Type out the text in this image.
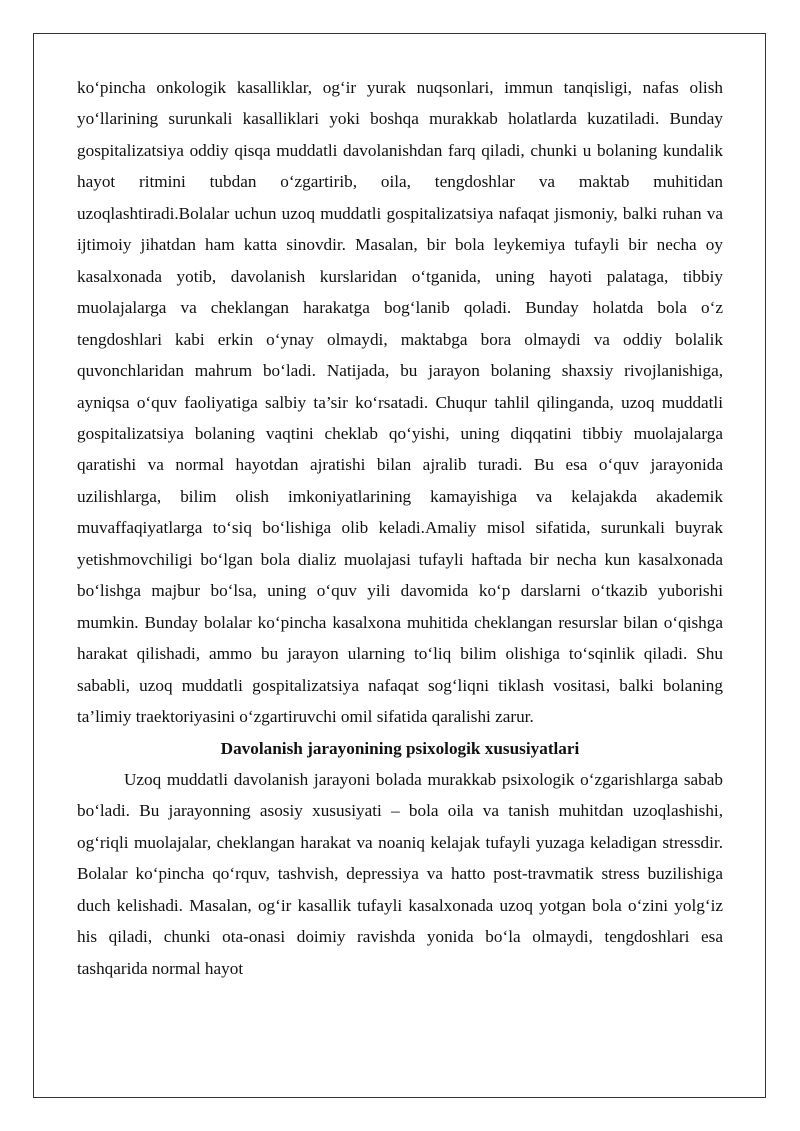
ko‘pincha onkologik kasalliklar, og‘ir yurak nuqsonlari, immun tanqisligi, nafas olish yo‘llarining surunkali kasalliklari yoki boshqa murakkab holatlarda kuzatiladi. Bunday gospitalizatsiya oddiy qisqa muddatli davolanishdan farq qiladi, chunki u bolaning kundalik hayot ritmini tubdan o‘zgartirib, oila, tengdoshlar va maktab muhitidan uzoqlashtiradi.Bolalar uchun uzoq muddatli gospitalizatsiya nafaqat jismoniy, balki ruhan va ijtimoiy jihatdan ham katta sinovdir. Masalan, bir bola leykemiya tufayli bir necha oy kasalxonada yotib, davolanish kurslaridan o‘tganida, uning hayoti palataga, tibbiy muolajalarga va cheklangan harakatga bog‘lanib qoladi. Bunday holatda bola o‘z tengdoshlari kabi erkin o‘ynay olmaydi, maktabga bora olmaydi va oddiy bolalik quvonchlaridan mahrum bo‘ladi. Natijada, bu jarayon bolaning shaxsiy rivojlanishiga, ayniqsa o‘quv faoliyatiga salbiy ta’sir ko‘rsatadi. Chuqur tahlil qilinganda, uzoq muddatli gospitalizatsiya bolaning vaqtini cheklab qo‘yishi, uning diqqatini tibbiy muolajalarga qaratishi va normal hayotdan ajratishi bilan ajralib turadi. Bu esa o‘quv jarayonida uzilishlarga, bilim olish imkoniyatlarining kamayishiga va kelajakda akademik muvaffaqiyatlarga to‘siq bo‘lishiga olib keladi.Amaliy misol sifatida, surunkali buyrak yetishmovchiligi bo‘lgan bola dializ muolajasi tufayli haftada bir necha kun kasalxonada bo‘lishga majbur bo‘lsa, uning o‘quv yili davomida ko‘p darslarni o‘tkazib yuborishi mumkin. Bunday bolalar ko‘pincha kasalxona muhitida cheklangan resurslar bilan o‘qishga harakat qilishadi, ammo bu jarayon ularning to‘liq bilim olishiga to‘sqinlik qiladi. Shu sababli, uzoq muddatli gospitalizatsiya nafaqat sog‘liqni tiklash vositasi, balki bolaning ta’limiy traektoriyasini o‘zgartiruvchi omil sifatida qaralishi zarur.

Davolanish jarayonining psixologik xususiyatlari

Uzoq muddatli davolanish jarayoni bolada murakkab psixologik o‘zgarishlarga sabab bo‘ladi. Bu jarayonning asosiy xususiyati – bola oila va tanish muhitdan uzoqlashishi, og‘riqli muolajalar, cheklangan harakat va noaniq kelajak tufayli yuzaga keladigan stressdir. Bolalar ko‘pincha qo‘rquv, tashvish, depressiya va hatto post-travmatik stress buzilishiga duch kelishadi. Masalan, og‘ir kasallik tufayli kasalxonada uzoq yotgan bola o‘zini yolg‘iz his qiladi, chunki ota-onasi doimiy ravishda yonida bo‘la olmaydi, tengdoshlari esa tashqarida normal hayot
